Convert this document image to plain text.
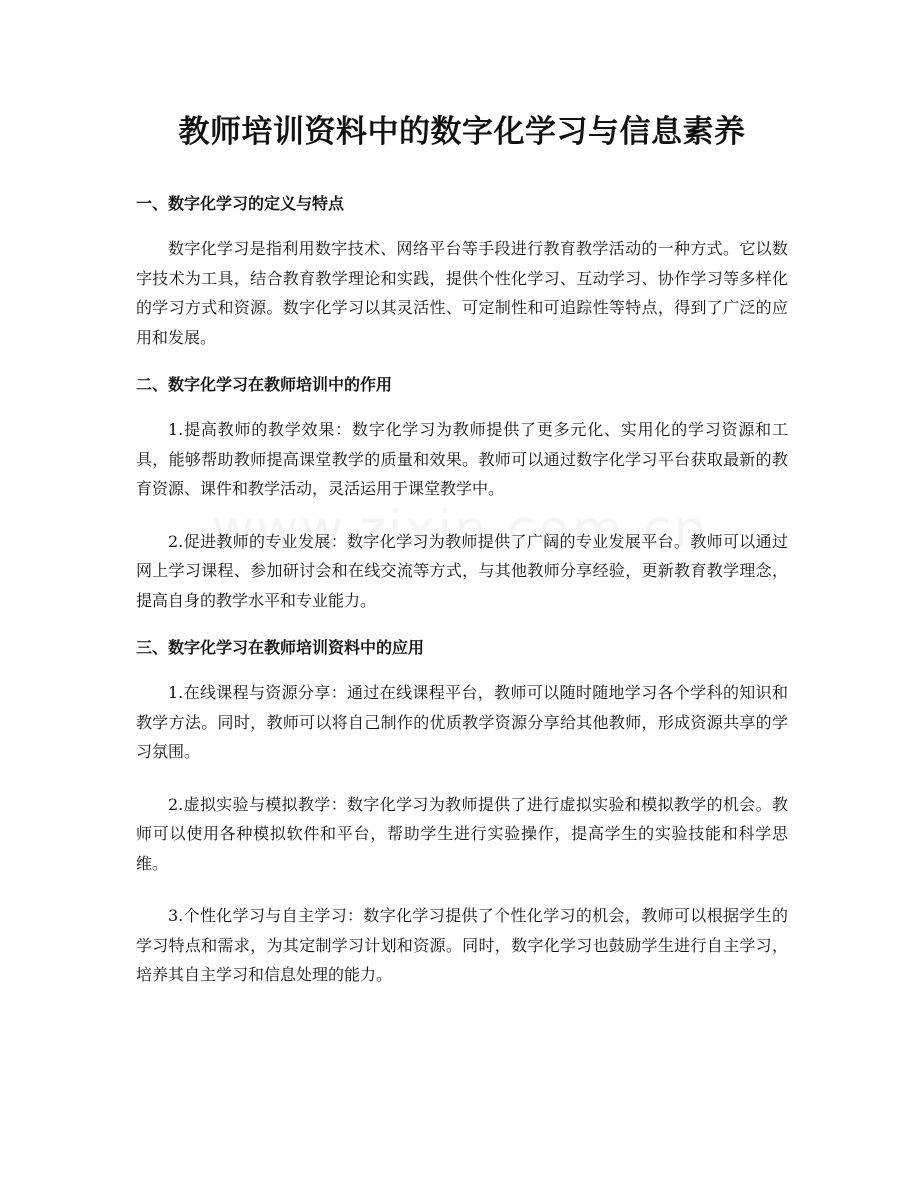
教师培训资料中的数字化学习与信息素养
一、数字化学习的定义与特点

数字化学习是指利用数字技术、网络平台等手段进行教育教学活动的一种方式。它以数字技术为工具，结合教育教学理论和实践，提供个性化学习、互动学习、协作学习等多样化的学习方式和资源。数字化学习以其灵活性、可定制性和可追踪性等特点，得到了广泛的应用和发展。

二、数字化学习在教师培训中的作用

1.提高教师的教学效果：数字化学习为教师提供了更多元化、实用化的学习资源和工具，能够帮助教师提高课堂教学的质量和效果。教师可以通过数字化学习平台获取最新的教育资源、课件和教学活动，灵活运用于课堂教学中。

2.促进教师的专业发展：数字化学习为教师提供了广阔的专业发展平台。教师可以通过网上学习课程、参加研讨会和在线交流等方式，与其他教师分享经验，更新教育教学理念，提高自身的教学水平和专业能力。

三、数字化学习在教师培训资料中的应用

1.在线课程与资源分享：通过在线课程平台，教师可以随时随地学习各个学科的知识和教学方法。同时，教师可以将自己制作的优质教学资源分享给其他教师，形成资源共享的学习氛围。

2.虚拟实验与模拟教学：数字化学习为教师提供了进行虚拟实验和模拟教学的机会。教师可以使用各种模拟软件和平台，帮助学生进行实验操作，提高学生的实验技能和科学思维。

3.个性化学习与自主学习：数字化学习提供了个性化学习的机会，教师可以根据学生的学习特点和需求，为其定制学习计划和资源。同时，数字化学习也鼓励学生进行自主学习，培养其自主学习和信息处理的能力。
